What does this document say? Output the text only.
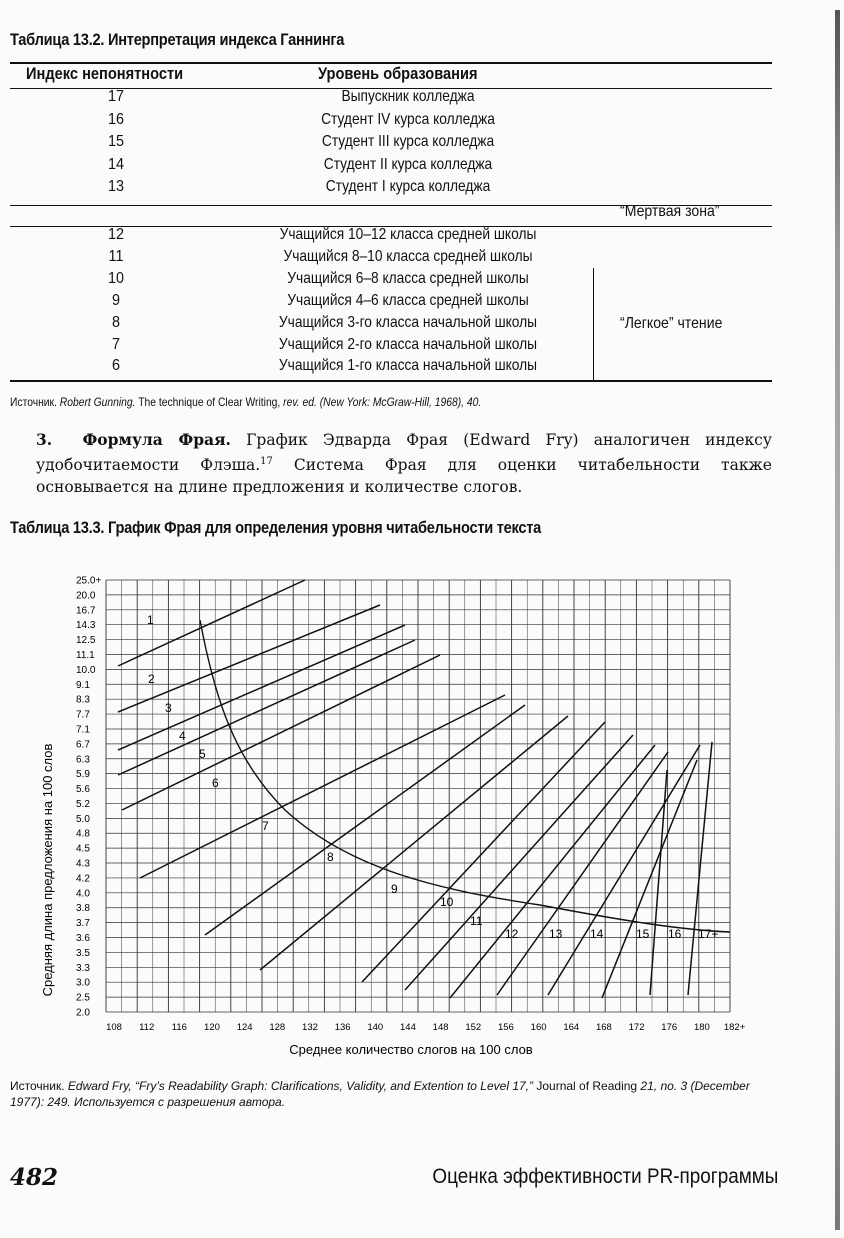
Таблица 13.2. Интерпретация индекса Ганнинга
Индекс непонятности	Уровень образования
17	Выпускник колледжа
16	Студент IV курса колледжа
15	Студент III курса колледжа
14	Студент II курса колледжа
13	Студент I курса колледжа
“Мертвая зона”
12	Учащийся 10–12 класса средней школы
11	Учащийся 8–10 класса средней школы
10	Учащийся 6–8 класса средней школы
9	Учащийся 4–6 класса средней школы
8	Учащийся 3-го класса начальной школы
7	Учащийся 2-го класса начальной школы
6	Учащийся 1-го класса начальной школы
“Легкое” чтение
Источник. Robert Gunning. The technique of Clear Writing, rev. ed. (New York: McGraw-Hill, 1968), 40.
3. Формула Фрая. График Эдварда Фрая (Edward Fry) аналогичен индексу удобочитаемости Флэша.$^{17}$ Система Фрая для оценки читабельности также основывается на длине предложения и количестве слогов.
Таблица 13.3. График Фрая для определения уровня читабельности текста
25.0+
20.0
16.7
14.3
12.5
11.1
10.0
9.1
8.3
7.7
7.1
6.7
6.3
5.9
5.6
5.2
5.0
4.8
4.5
4.3
4.2
4.0
3.8
3.7
3.6
3.5
3.3
3.0
2.5
2.0
108 112 116 120 124 128 132 136 140 144 148 152 156 160 164 168 172 176 180 182+
1
2
3
4
5
6
7
8
9
10
11
12	13 14	15 16 17+
Средняя длина предложения на 100 слов
Среднее количество слогов на 100 слов
Источник. Edward Fry, “Fry’s Readability Graph: Clarifications, Validity, and Extention to Level 17,” Journal of Reading 21, no. 3 (December 1977): 249. Используется с разрешения автора.
482	Оценка эффективности PR-программы
